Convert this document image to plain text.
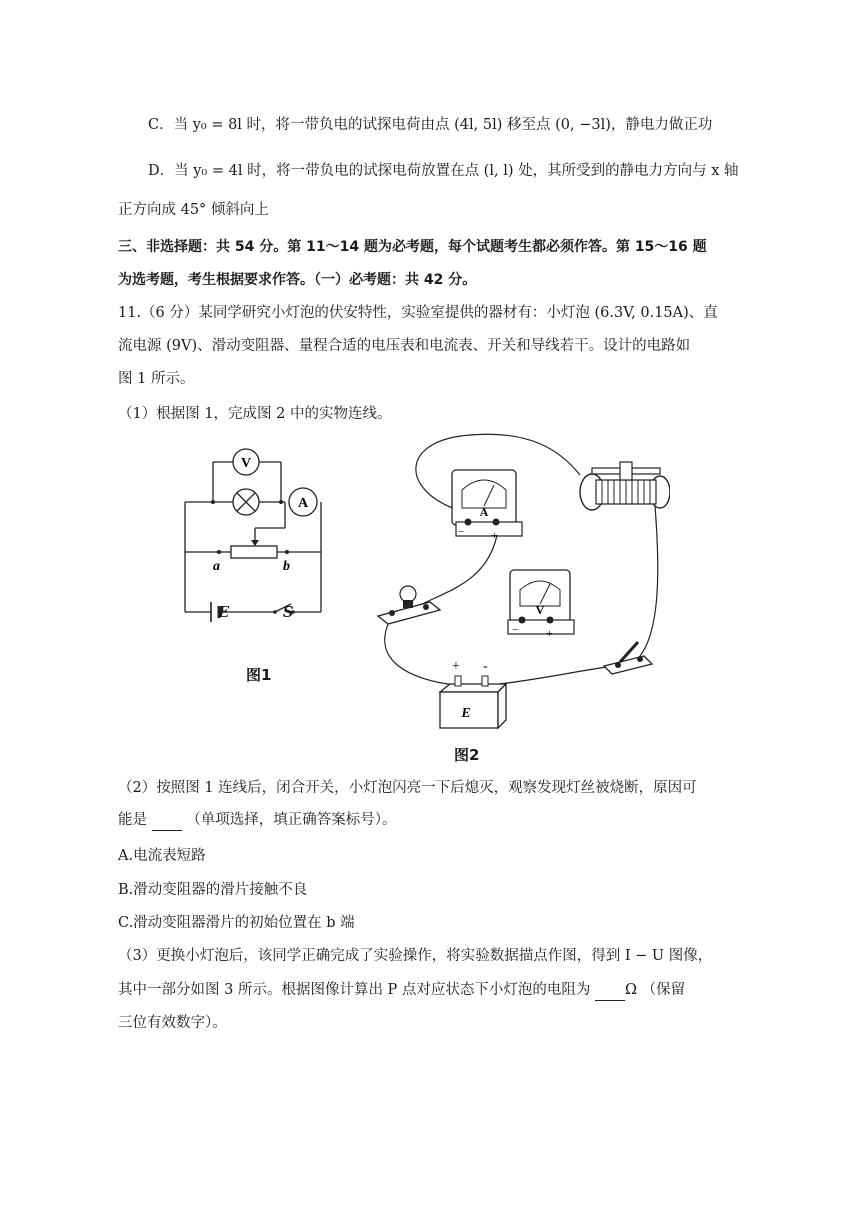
C．当 y₀ = 8l 时，将一带负电的试探电荷由点 (4l, 5l) 移至点 (0, −3l)，静电力做正功
D．当 y₀ = 4l 时，将一带负电的试探电荷放置在点 (l, l) 处，其所受到的静电力方向与 x 轴
正方向成 45° 倾斜向上
三、非选择题：共 54 分。第 11～14 题为必考题，每个试题考生都必须作答。第 15～16 题
为选考题，考生根据要求作答。（一）必考题：共 42 分。
11.（6 分）某同学研究小灯泡的伏安特性，实验室提供的器材有：小灯泡 (6.3V, 0.15A)、直
流电源 (9V)、滑动变阻器、量程合适的电压表和电流表、开关和导线若干。设计的电路如
图 1 所示。
（1）根据图 1，完成图 2 中的实物连线。
V
A
a	b
E	S
图1
A
− +
V
− +
E
+ -
图2
（2）按照图 1 连线后，闭合开关，小灯泡闪亮一下后熄灭，观察发现灯丝被烧断，原因可
能是	（单项选择，填正确答案标号）。
A.电流表短路
B.滑动变阻器的滑片接触不良
C.滑动变阻器滑片的初始位置在 b 端
（3）更换小灯泡后，该同学正确完成了实验操作，将实验数据描点作图，得到 I − U 图像，
其中一部分如图 3 所示。根据图像计算出 P 点对应状态下小灯泡的电阻为 Ω （保留
三位有效数字）。
